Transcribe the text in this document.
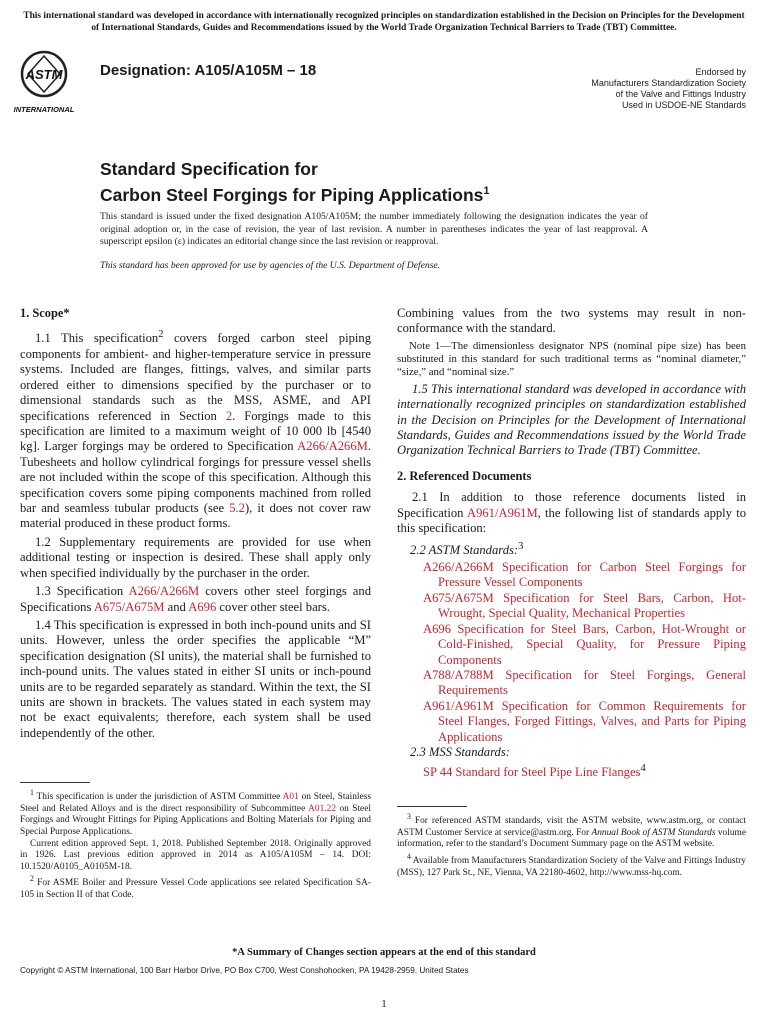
This international standard was developed in accordance with internationally recognized principles on standardization established in the Decision on Principles for the Development of International Standards, Guides and Recommendations issued by the World Trade Organization Technical Barriers to Trade (TBT) Committee.
ASTM
INTERNATIONAL
Designation: A105/A105M – 18	Endorsed by
Manufacturers Standardization Society
of the Valve and Fittings Industry
Used in USDOE-NE Standards
Standard Specification for
Carbon Steel Forgings for Piping Applications$^1$
This standard is issued under the fixed designation A105/A105M; the number immediately following the designation indicates the year of original adoption or, in the case of revision, the year of last revision. A number in parentheses indicates the year of last reapproval. A superscript epsilon (ε) indicates an editorial change since the last revision or reapproval.
This standard has been approved for use by agencies of the U.S. Department of Defense.
1. Scope*

1.1 This specification$^2$ covers forged carbon steel piping components for ambient- and higher-temperature service in pressure systems. Included are flanges, fittings, valves, and similar parts ordered either to dimensions specified by the purchaser or to dimensional standards such as the MSS, ASME, and API specifications referenced in Section 2. Forgings made to this specification are limited to a maximum weight of 10 000 lb [4540 kg]. Larger forgings may be ordered to Specification A266/A266M. Tubesheets and hollow cylindrical forgings for pressure vessel shells are not included within the scope of this specification. Although this specification covers some piping components machined from rolled bar and seamless tubular products (see 5.2), it does not cover raw material produced in these product forms.

1.2 Supplementary requirements are provided for use when additional testing or inspection is desired. These shall apply only when specified individually by the purchaser in the order.

1.3 Specification A266/A266M covers other steel forgings and Specifications A675/A675M and A696 cover other steel bars.

1.4 This specification is expressed in both inch-pound units and SI units. However, unless the order specifies the applicable “M” specification designation (SI units), the material shall be furnished to inch-pound units. The values stated in either SI units or inch-pound units are to be regarded separately as standard. Within the text, the SI units are shown in brackets. The values stated in each system may not be exact equivalents; therefore, each system shall be used independently of the other.

Combining values from the two systems may result in non-conformance with the standard.

Note 1—The dimensionless designator NPS (nominal pipe size) has been substituted in this standard for such traditional terms as “nominal diameter,” “size,” and “nominal size.”

1.5 This international standard was developed in accordance with internationally recognized principles on standardization established in the Decision on Principles for the Development of International Standards, Guides and Recommendations issued by the World Trade Organization Technical Barriers to Trade (TBT) Committee.

2. Referenced Documents

2.1 In addition to those reference documents listed in Specification A961/A961M, the following list of standards apply to this specification:

2.2 ASTM Standards:$^3$
A266/A266M Specification for Carbon Steel Forgings for Pressure Vessel Components
A675/A675M Specification for Steel Bars, Carbon, Hot-Wrought, Special Quality, Mechanical Properties
A696 Specification for Steel Bars, Carbon, Hot-Wrought or Cold-Finished, Special Quality, for Pressure Piping Components
A788/A788M Specification for Steel Forgings, General Requirements
A961/A961M Specification for Common Requirements for Steel Flanges, Forged Fittings, Valves, and Parts for Piping Applications
2.3 MSS Standards:
SP 44 Standard for Steel Pipe Line Flanges$^4$

$^1$ This specification is under the jurisdiction of ASTM Committee A01 on Steel, Stainless Steel and Related Alloys and is the direct responsibility of Subcommittee A01.22 on Steel Forgings and Wrought Fittings for Piping Applications and Bolting Materials for Piping and Special Purpose Applications.

Current edition approved Sept. 1, 2018. Published September 2018. Originally approved in 1926. Last previous edition approved in 2014 as A105/A105M – 14. DOI: 10.1520/A0105_A0105M-18.

$^2$ For ASME Boiler and Pressure Vessel Code applications see related Specification SA-105 in Section II of that Code.

$^3$ For referenced ASTM standards, visit the ASTM website, www.astm.org, or contact ASTM Customer Service at service@astm.org. For Annual Book of ASTM Standards volume information, refer to the standard’s Document Summary page on the ASTM website.

$^4$ Available from Manufacturers Standardization Society of the Valve and Fittings Industry (MSS), 127 Park St., NE, Vienna, VA 22180-4602, http://www.mss-hq.com.

*A Summary of Changes section appears at the end of this standard
Copyright © ASTM International, 100 Barr Harbor Drive, PO Box C700, West Conshohocken, PA 19428-2959. United States
1
